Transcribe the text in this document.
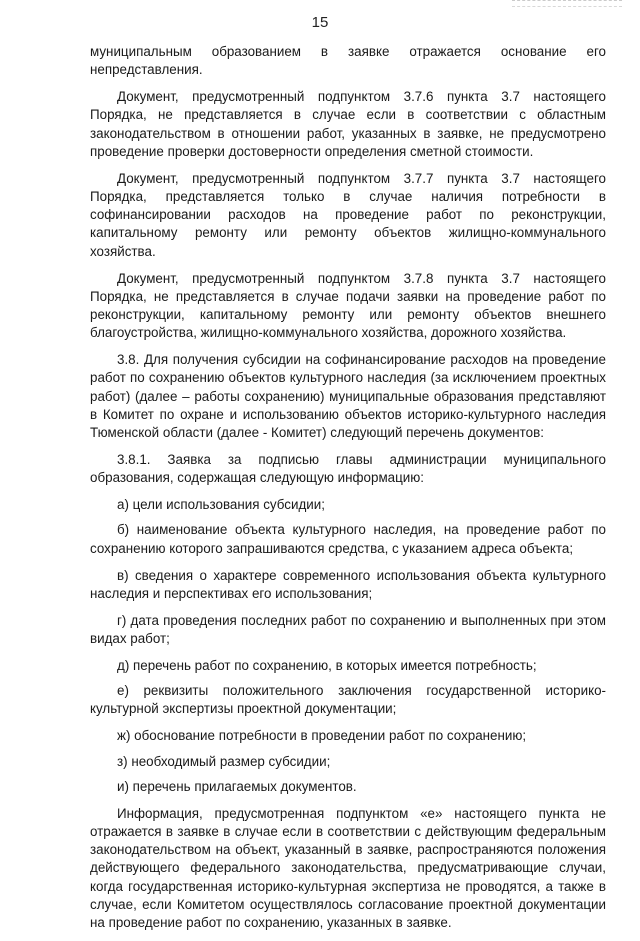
15

муниципальным образованием в заявке отражается основание его непредставления.

Документ, предусмотренный подпунктом 3.7.6 пункта 3.7 настоящего Порядка, не представляется в случае если в соответствии с областным законодательством в отношении работ, указанных в заявке, не предусмотрено проведение проверки достоверности определения сметной стоимости.

Документ, предусмотренный подпунктом 3.7.7 пункта 3.7 настоящего Порядка, представляется только в случае наличия потребности в софинансировании расходов на проведение работ по реконструкции, капитальному ремонту или ремонту объектов жилищно-коммунального хозяйства.

Документ, предусмотренный подпунктом 3.7.8 пункта 3.7 настоящего Порядка, не представляется в случае подачи заявки на проведение работ по реконструкции, капитальному ремонту или ремонту объектов внешнего благоустройства, жилищно-коммунального хозяйства, дорожного хозяйства.

3.8. Для получения субсидии на софинансирование расходов на проведение работ по сохранению объектов культурного наследия (за исключением проектных работ) (далее – работы сохранению) муниципальные образования представляют в Комитет по охране и использованию объектов историко-культурного наследия Тюменской области (далее - Комитет) следующий перечень документов:

3.8.1. Заявка за подписью главы администрации муниципального образования, содержащая следующую информацию:

а) цели использования субсидии;

б) наименование объекта культурного наследия, на проведение работ по сохранению которого запрашиваются средства, с указанием адреса объекта;

в) сведения о характере современного использования объекта культурного наследия и перспективах его использования;

г) дата проведения последних работ по сохранению и выполненных при этом видах работ;

д) перечень работ по сохранению, в которых имеется потребность;

е) реквизиты положительного заключения государственной историко-культурной экспертизы проектной документации;

ж) обоснование потребности в проведении работ по сохранению;

з) необходимый размер субсидии;

и) перечень прилагаемых документов.

Информация, предусмотренная подпунктом «е» настоящего пункта не отражается в заявке в случае если в соответствии с действующим федеральным законодательством на объект, указанный в заявке, распространяются положения действующего федерального законодательства, предусматривающие случаи, когда государственная историко-культурная экспертиза не проводятся, а также в случае, если Комитетом осуществлялось согласование проектной документации на проведение работ по сохранению, указанных в заявке.
